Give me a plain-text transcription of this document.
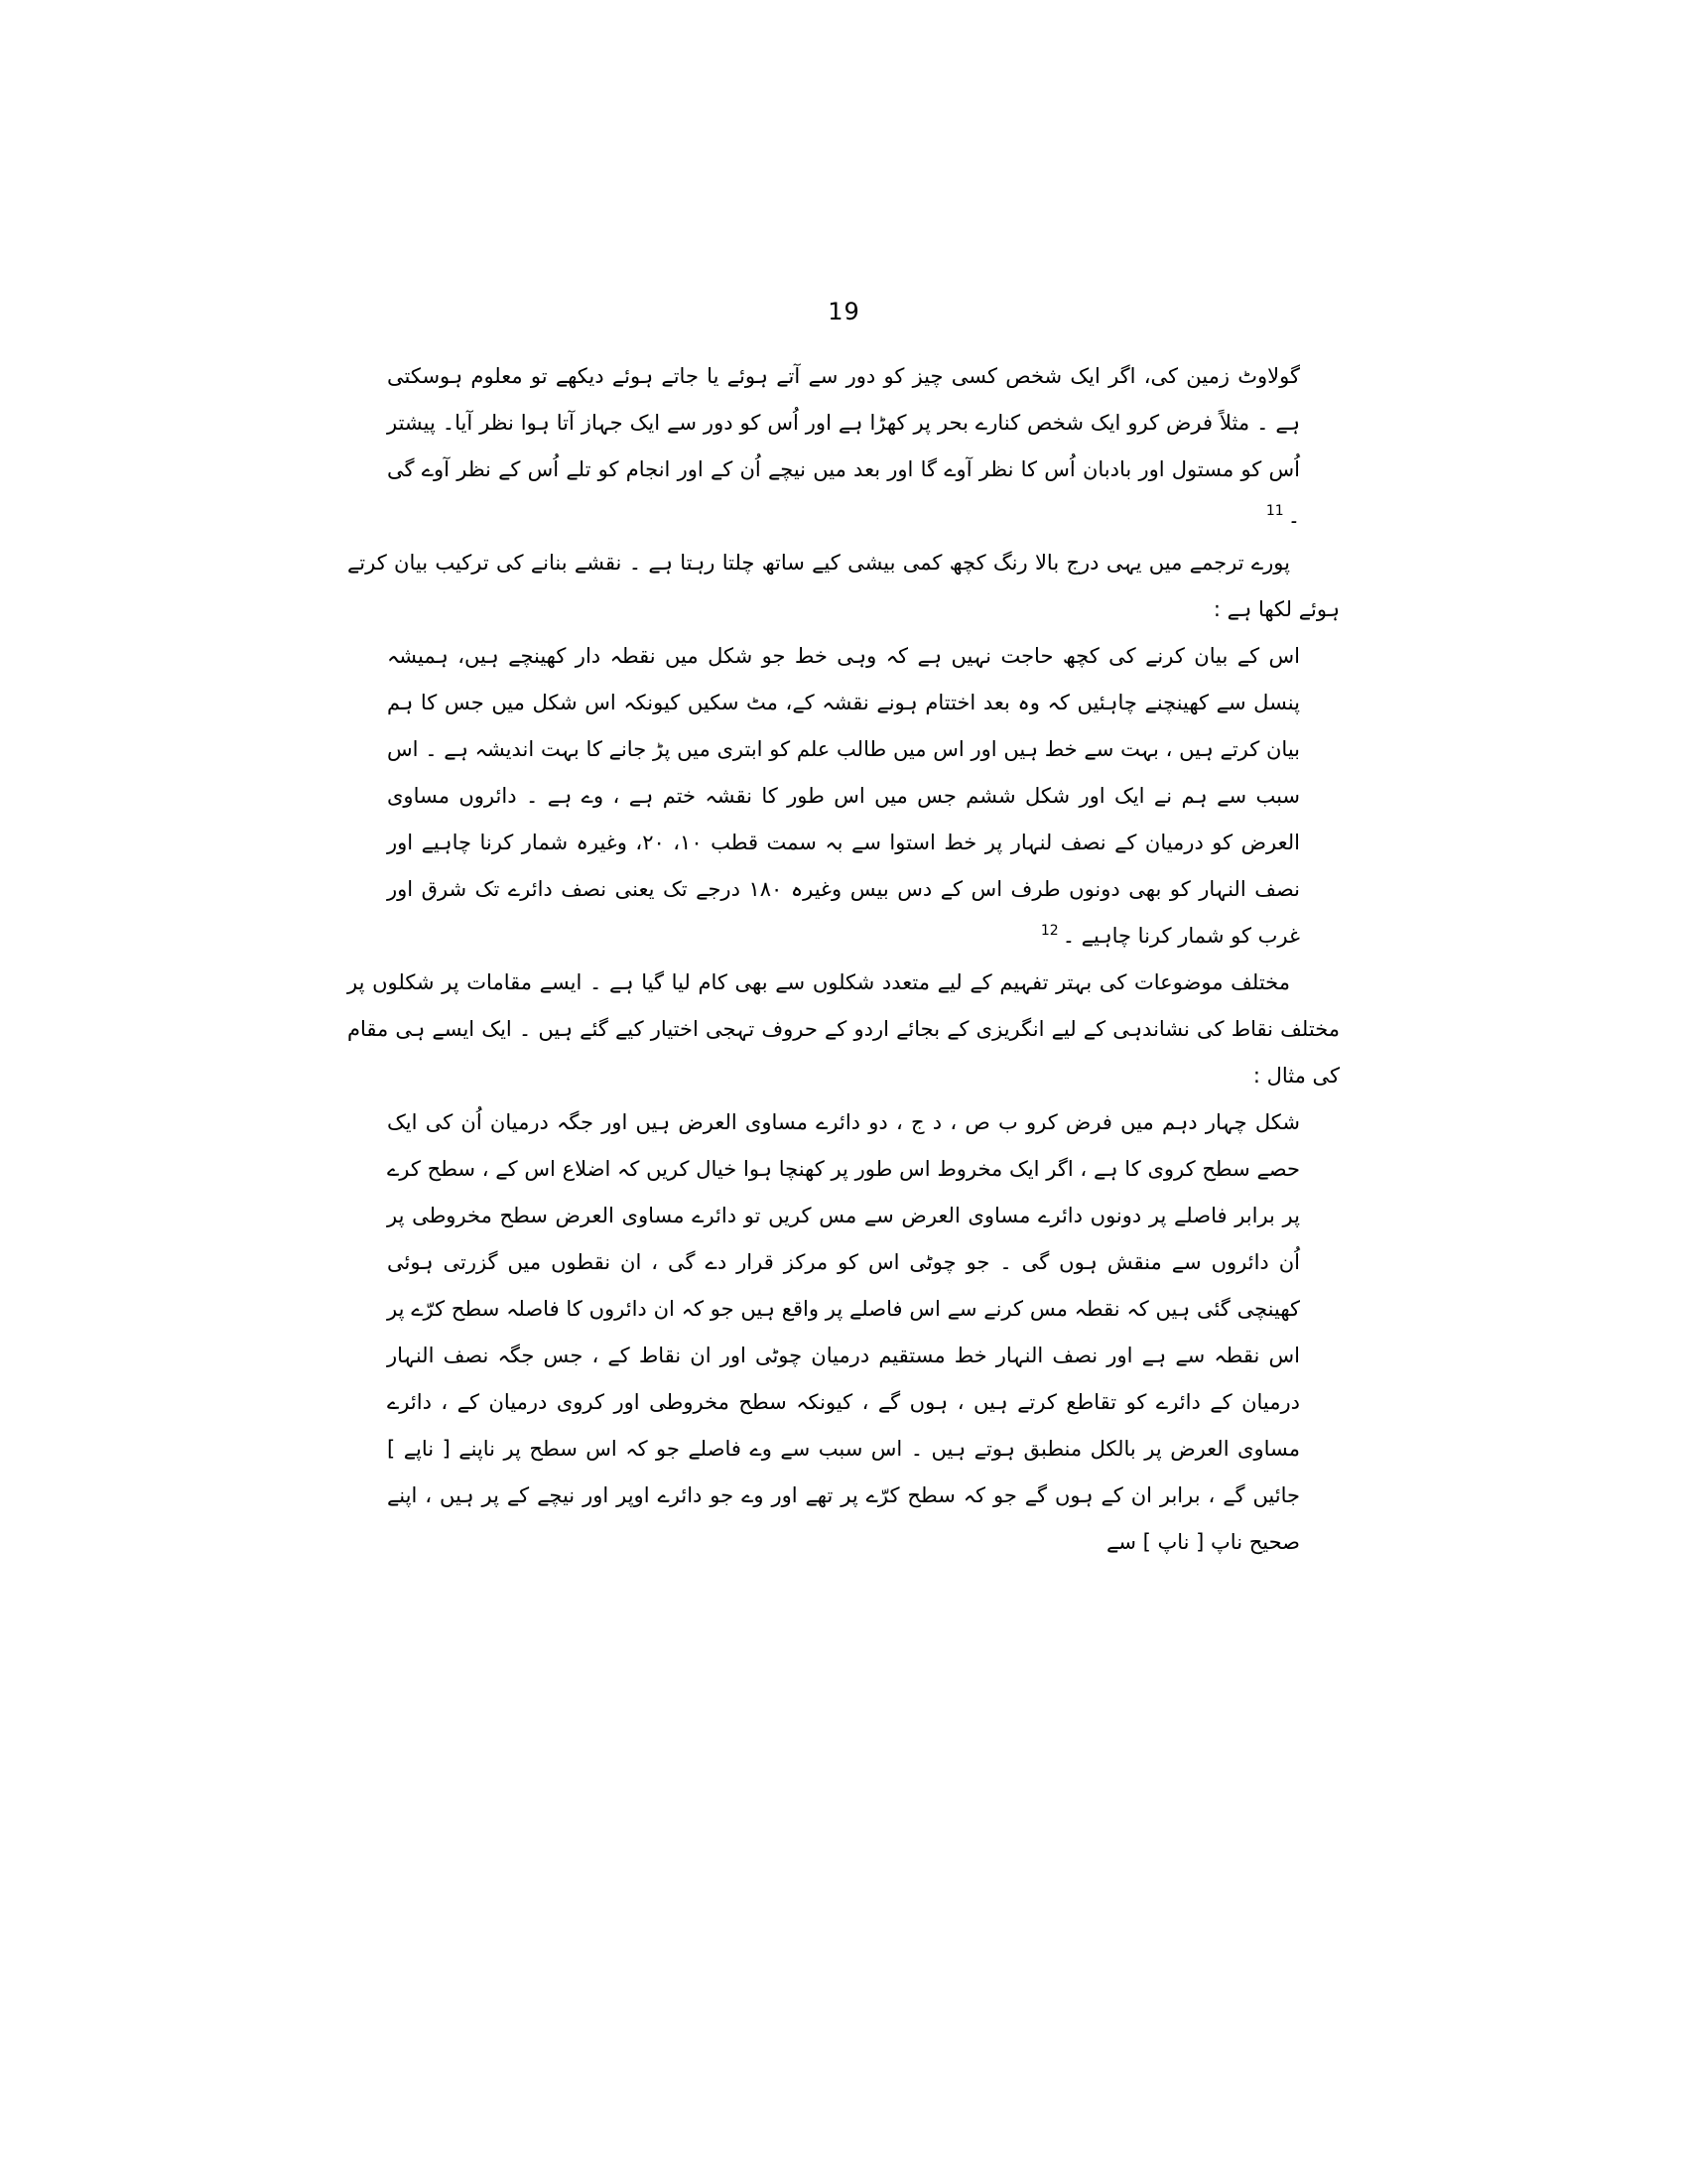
19

گولاوٹ زمین کی، اگر ایک شخص کسی چیز کو دور سے آتے ہوئے یا جاتے ہوئے دیکھے تو معلوم ہوسکتی ہے ۔ مثلاً فرض کرو ایک شخص کنارے بحر پر کھڑا ہے اور اُس کو دور سے ایک جہاز آتا ہوا نظر آیا۔ پیشتر اُس کو مستول اور بادبان اُس کا نظر آوے گا اور بعد میں نیچے اُن کے اور انجام کو تلے اُس کے نظر آوے گی ۔$^{11}$

پورے ترجمے میں یہی درج بالا رنگ کچھ کمی بیشی کیے ساتھ چلتا رہتا ہے ۔ نقشے بنانے کی ترکیب بیان کرتے ہوئے لکھا ہے :

اس کے بیان کرنے کی کچھ حاجت نہیں ہے کہ وہی خط جو شکل میں نقطہ دار کھینچے ہیں، ہمیشہ پنسل سے کھینچنے چاہئیں کہ وہ بعد اختتام ہونے نقشہ کے، مٹ سکیں کیونکہ اس شکل میں جس کا ہم بیان کرتے ہیں ، بہت سے خط ہیں اور اس میں طالب علم کو ابتری میں پڑ جانے کا بہت اندیشہ ہے ۔ اس سبب سے ہم نے ایک اور شکل ششم جس میں اس طور کا نقشہ ختم ہے ، وے ہے ۔ دائروں مساوی العرض کو درمیان کے نصف لنہار پر خط استوا سے بہ سمت قطب ۱۰، ۲۰، وغیرہ شمار کرنا چاہیے اور نصف النہار کو بھی دونوں طرف اس کے دس بیس وغیرہ ۱۸۰ درجے تک یعنی نصف دائرے تک شرق اور غرب کو شمار کرنا چاہیے ۔$^{12}$

مختلف موضوعات کی بہتر تفہیم کے لیے متعدد شکلوں سے بھی کام لیا گیا ہے ۔ ایسے مقامات پر شکلوں پر مختلف نقاط کی نشاندہی کے لیے انگریزی کے بجائے اردو کے حروف تہجی اختیار کیے گئے ہیں ۔ ایک ایسے ہی مقام کی مثال :

شکل چہار دہم میں فرض کرو ب ص ، د ج ، دو دائرے مساوی العرض ہیں اور جگہ درمیان اُن کی ایک حصے سطح کروی کا ہے ، اگر ایک مخروط اس طور پر کھنچا ہوا خیال کریں کہ اضلاع اس کے ، سطح کرے پر برابر فاصلے پر دونوں دائرے مساوی العرض سے مس کریں تو دائرے مساوی العرض سطح مخروطی پر اُن دائروں سے منقش ہوں گی ۔ جو چوٹی اس کو مرکز قرار دے گی ، ان نقطوں میں گزرتی ہوئی کھینچی گئی ہیں کہ نقطہ مس کرنے سے اس فاصلے پر واقع ہیں جو کہ ان دائروں کا فاصلہ سطح کرّے پر اس نقطہ سے ہے اور نصف النہار خط مستقیم درمیان چوٹی اور ان نقاط کے ، جس جگہ نصف النہار درمیان کے دائرے کو تقاطع کرتے ہیں ، ہوں گے ، کیونکہ سطح مخروطی اور کروی درمیان کے ، دائرے مساوی العرض پر بالکل منطبق ہوتے ہیں ۔ اس سبب سے وے فاصلے جو کہ اس سطح پر ناپنے [ ناپے ] جائیں گے ، برابر ان کے ہوں گے جو کہ سطح کرّے پر تھے اور وے جو دائرے اوپر اور نیچے کے پر ہیں ، اپنے صحیح ناپ [ ناپ ] سے
